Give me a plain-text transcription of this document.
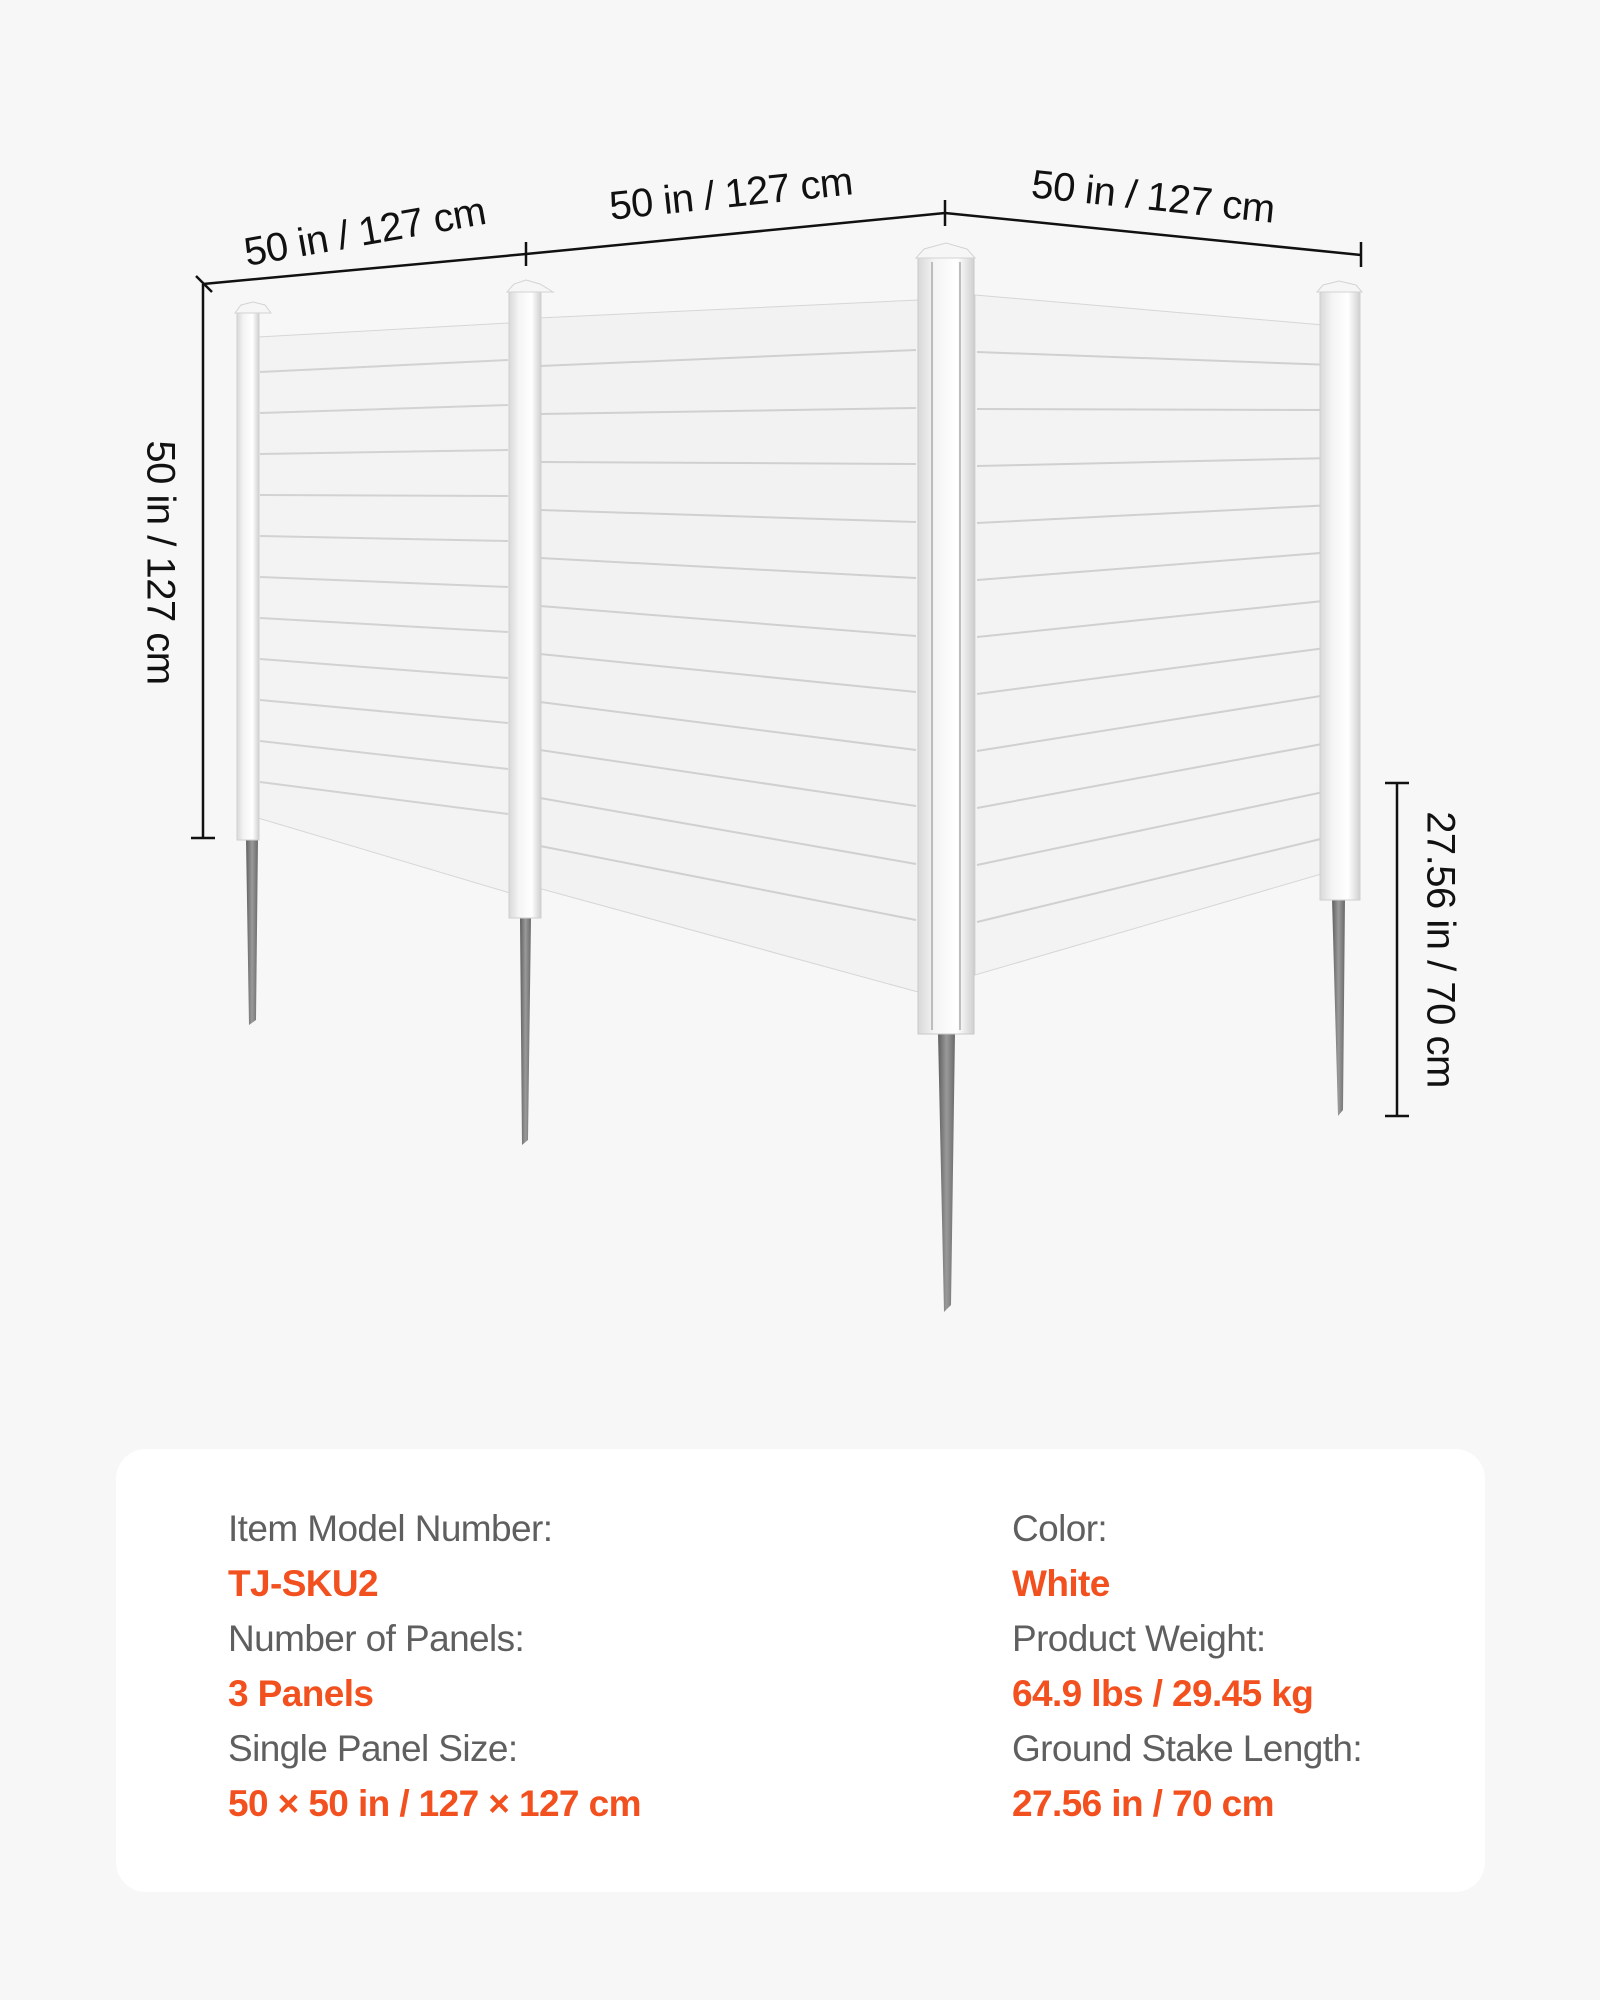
50 in / 127 cm	50 in / 127 cm	50 in / 127 cm
50 in / 127 cm
27.56 in / 70 cm
Item Model Number:
TJ-SKU2
Number of Panels:
3 Panels
Single Panel Size:
50 × 50 in / 127 × 127 cm
Color:
White
Product Weight:
64.9 lbs / 29.45 kg
Ground Stake Length:
27.56 in / 70 cm
